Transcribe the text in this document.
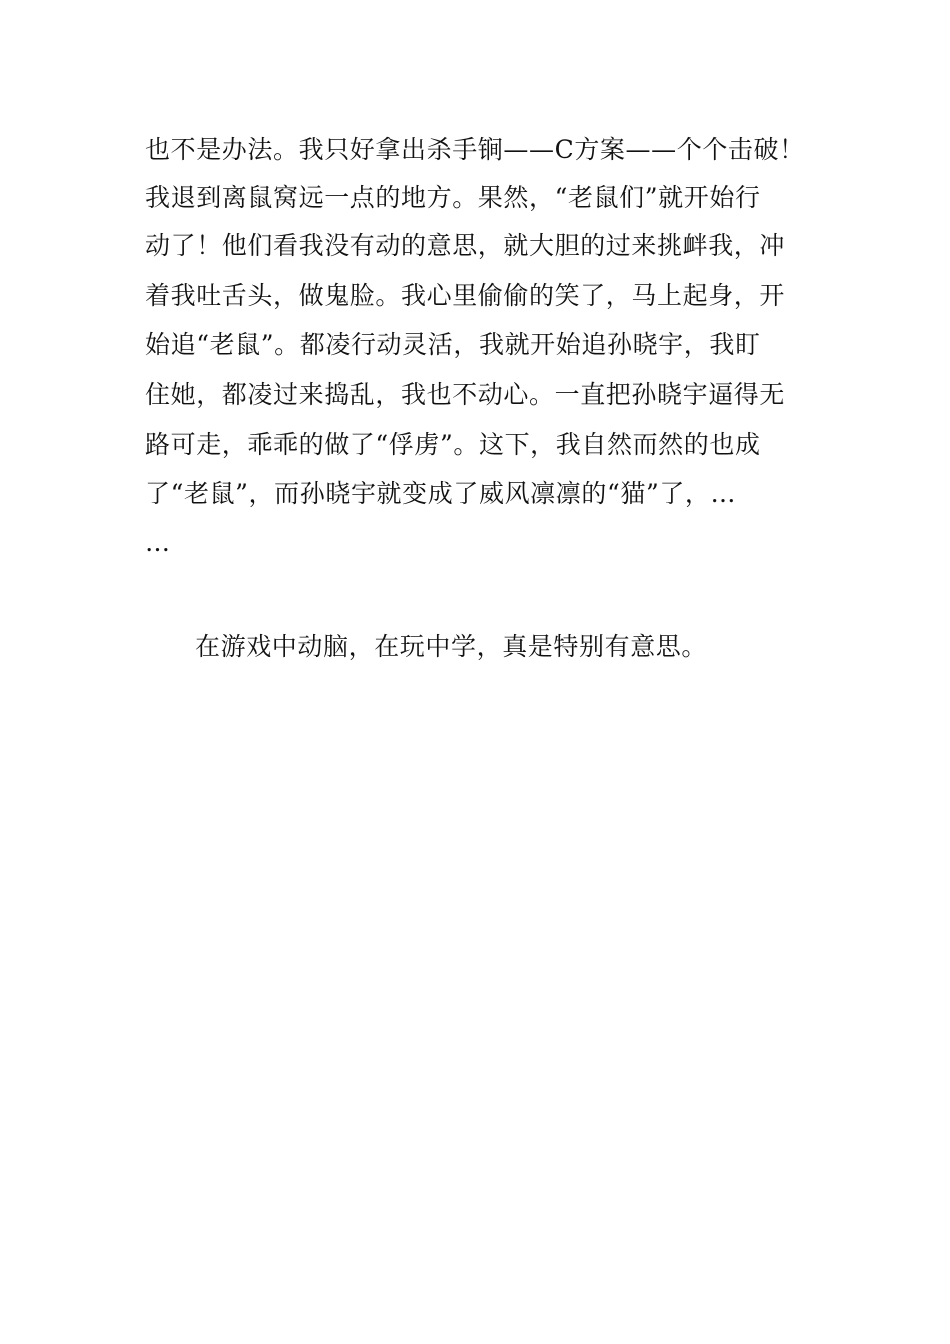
也不是办法。我只好拿出杀手锏——C方案——个个击破！
我退到离鼠窝远一点的地方。果然，“老鼠们”就开始行
动了！他们看我没有动的意思，就大胆的过来挑衅我，冲
着我吐舌头，做鬼脸。我心里偷偷的笑了，马上起身，开
始追“老鼠”。都凌行动灵活，我就开始追孙晓宇，我盯
住她，都凌过来捣乱，我也不动心。一直把孙晓宇逼得无
路可走，乖乖的做了“俘虏”。这下，我自然而然的也成
了“老鼠”，而孙晓宇就变成了威风凛凛的“猫”了，…
…
在游戏中动脑，在玩中学，真是特别有意思。
